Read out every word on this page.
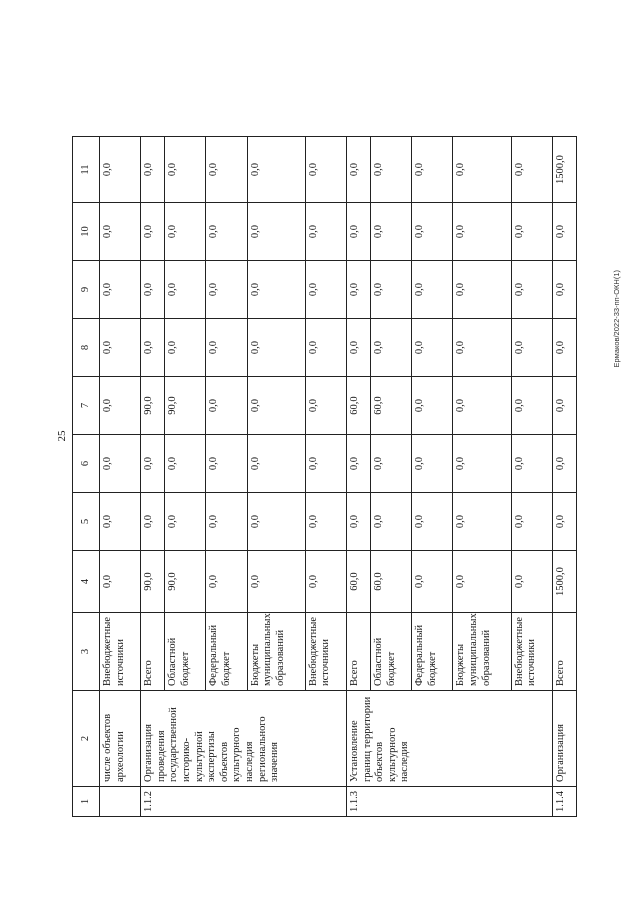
25
1	2	3	4	5	6	7	8	9	10	11
	числе объектов археологии	Внебюджетные источники	0,0	0,0	0,0	0,0	0,0	0,0	0,0	0,0
1.1.2	Организация проведения государственной историко-культурной экспертизы объектов культурного наследия регионального значения	Всего	90,0	0,0	0,0	90,0	0,0	0,0	0,0	0,0
		Областной бюджет	90,0	0,0	0,0	90,0	0,0	0,0	0,0	0,0
		Федеральный бюджет	0,0	0,0	0,0	0,0	0,0	0,0	0,0	0,0
		Бюджеты муниципальных образований	0,0	0,0	0,0	0,0	0,0	0,0	0,0	0,0
		Внебюджетные источники	0,0	0,0	0,0	0,0	0,0	0,0	0,0	0,0
1.1.3	Установление границ территории объектов культурного наследия	Всего	60,0	0,0	0,0	60,0	0,0	0,0	0,0	0,0
		Областной бюджет	60,0	0,0	0,0	60,0	0,0	0,0	0,0	0,0
		Федеральный бюджет	0,0	0,0	0,0	0,0	0,0	0,0	0,0	0,0
		Бюджеты муниципальных образований	0,0	0,0	0,0	0,0	0,0	0,0	0,0	0,0
		Внебюджетные источники	0,0	0,0	0,0	0,0	0,0	0,0	0,0	0,0
1.1.4	Организация	Всего	1500,0	0,0	0,0	0,0	0,0	0,0	0,0	1500,0
Ермаков/2022-33-пп-ОКН(1)
